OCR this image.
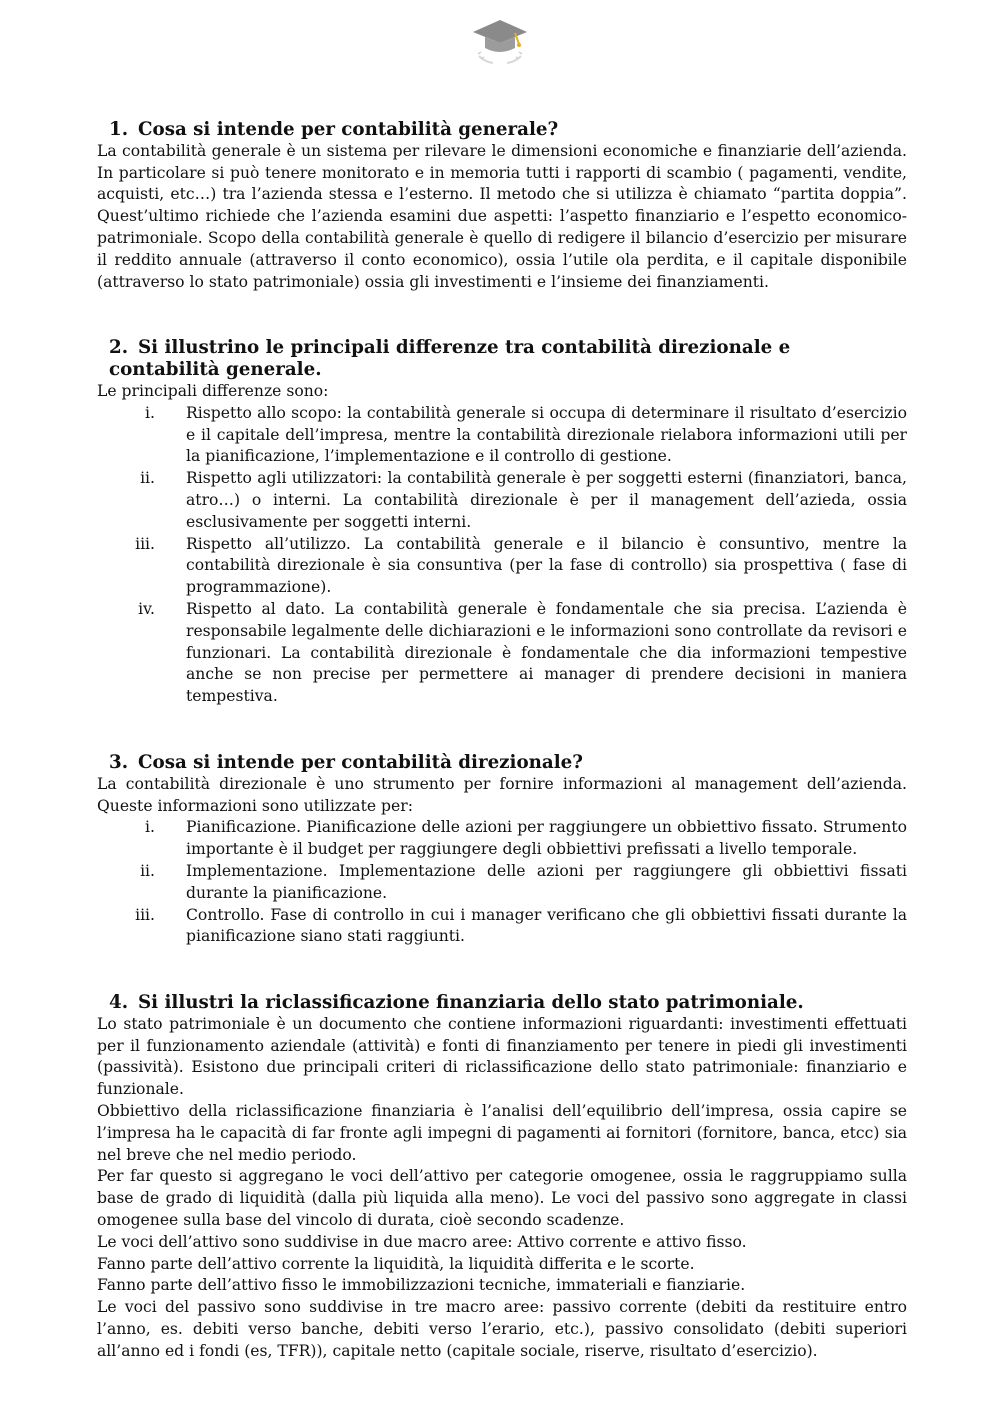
1. Cosa si intende per contabilità generale?

La contabilità generale è un sistema per rilevare le dimensioni economiche e finanziarie dell’azienda. In particolare si può tenere monitorato e in memoria tutti i rapporti di scambio ( pagamenti, vendite, acquisti, etc…) tra l’azienda stessa e l’esterno. Il metodo che si utilizza è chiamato “partita doppia”. Quest’ultimo richiede che l’azienda esamini due aspetti: l’aspetto finanziario e l’espetto economico-patrimoniale. Scopo della contabilità generale è quello di redigere il bilancio d’esercizio per misurare il reddito annuale (attraverso il conto economico), ossia l’utile ola perdita, e il capitale disponibile (attraverso lo stato patrimoniale) ossia gli investimenti e l’insieme dei finanziamenti.

2. Si illustrino le principali differenze tra contabilità direzionale e contabilità generale.

Le principali differenze sono:

i.	Rispetto allo scopo: la contabilità generale si occupa di determinare il risultato d’esercizio e il capitale dell’impresa, mentre la contabilità direzionale rielabora informazioni utili per la pianificazione, l’implementazione e il controllo di gestione.
ii.	Rispetto agli utilizzatori: la contabilità generale è per soggetti esterni (finanziatori, banca, atro…) o interni. La contabilità direzionale è per il management dell’azieda, ossia esclusivamente per soggetti interni.
iii.	Rispetto all’utilizzo. La contabilità generale e il bilancio è consuntivo, mentre la contabilità direzionale è sia consuntiva (per la fase di controllo) sia prospettiva ( fase di programmazione).
iv.	Rispetto al dato. La contabilità generale è fondamentale che sia precisa. L’azienda è responsabile legalmente delle dichiarazioni e le informazioni sono controllate da revisori e funzionari. La contabilità direzionale è fondamentale che dia informazioni tempestive anche se non precise per permettere ai manager di prendere decisioni in maniera tempestiva.
3. Cosa si intende per contabilità direzionale?

La contabilità direzionale è uno strumento per fornire informazioni al management dell’azienda. Queste informazioni sono utilizzate per:

i.	Pianificazione. Pianificazione delle azioni per raggiungere un obbiettivo fissato. Strumento importante è il budget per raggiungere degli obbiettivi prefissati a livello temporale.
ii.	Implementazione. Implementazione delle azioni per raggiungere gli obbiettivi fissati durante la pianificazione.
iii.	Controllo. Fase di controllo in cui i manager verificano che gli obbiettivi fissati durante la pianificazione siano stati raggiunti.
4. Si illustri la riclassificazione finanziaria dello stato patrimoniale.

Lo stato patrimoniale è un documento che contiene informazioni riguardanti: investimenti effettuati per il funzionamento aziendale (attività) e fonti di finanziamento per tenere in piedi gli investimenti (passività). Esistono due principali criteri di riclassificazione dello stato patrimoniale: finanziario e funzionale.

Obbiettivo della riclassificazione finanziaria è l’analisi dell’equilibrio dell’impresa, ossia capire se l’impresa ha le capacità di far fronte agli impegni di pagamenti ai fornitori (fornitore, banca, etcc) sia nel breve che nel medio periodo.

Per far questo si aggregano le voci dell’attivo per categorie omogenee, ossia le raggruppiamo sulla base de grado di liquidità (dalla più liquida alla meno). Le voci del passivo sono aggregate in classi omogenee sulla base del vincolo di durata, cioè secondo scadenze.

Le voci dell’attivo sono suddivise in due macro aree: Attivo corrente e attivo fisso.

Fanno parte dell’attivo corrente la liquidità, la liquidità differita e le scorte.

Fanno parte dell’attivo fisso le immobilizzazioni tecniche, immateriali e fianziarie.

Le voci del passivo sono suddivise in tre macro aree: passivo corrente (debiti da restituire entro l’anno, es. debiti verso banche, debiti verso l’erario, etc.), passivo consolidato (debiti superiori all’anno ed i fondi (es, TFR)), capitale netto (capitale sociale, riserve, risultato d’esercizio).
